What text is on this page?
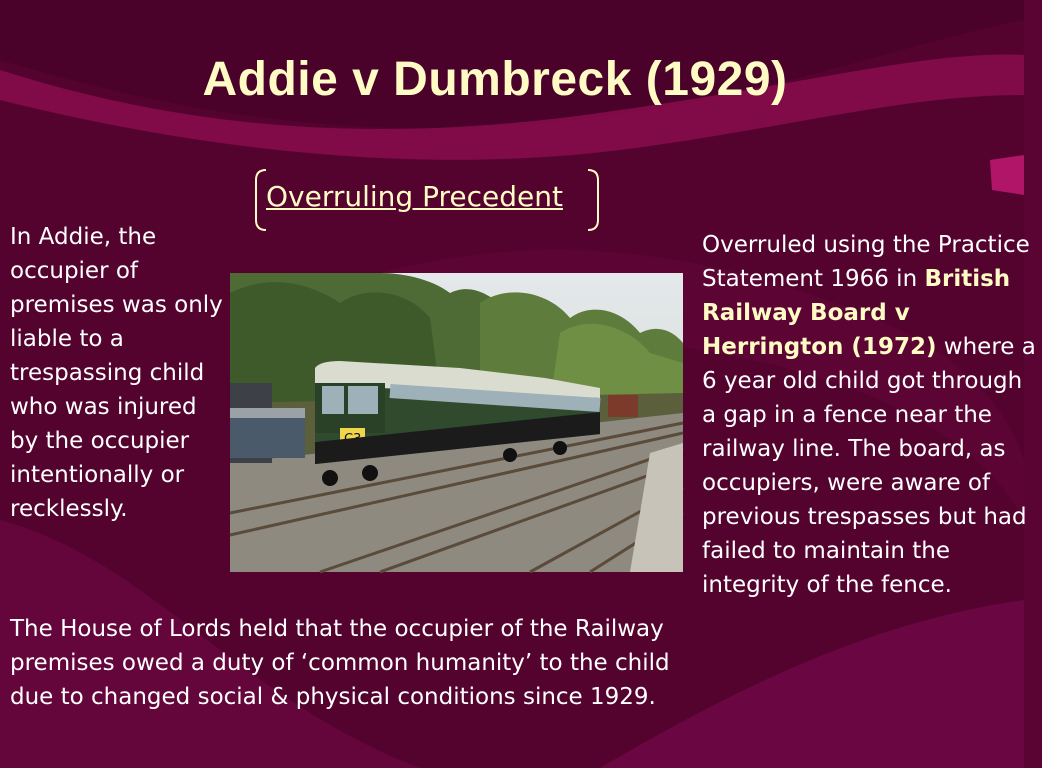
Addie v Dumbreck (1929)
Overruling Precedent
In Addie, the occupier of premises was only liable to a trespassing child who was injured by the occupier intentionally or recklessly.
Overruled using the Practice Statement 1966 in British Railway Board v Herrington (1972) where a 6 year old child got through a gap in a fence near the railway line. The board, as occupiers, were aware of previous trespasses but had failed to maintain the integrity of the fence.
The House of Lords held that the occupier of the Railway premises owed a duty of ‘common humanity’ to the child due to changed social & physical conditions since 1929.
